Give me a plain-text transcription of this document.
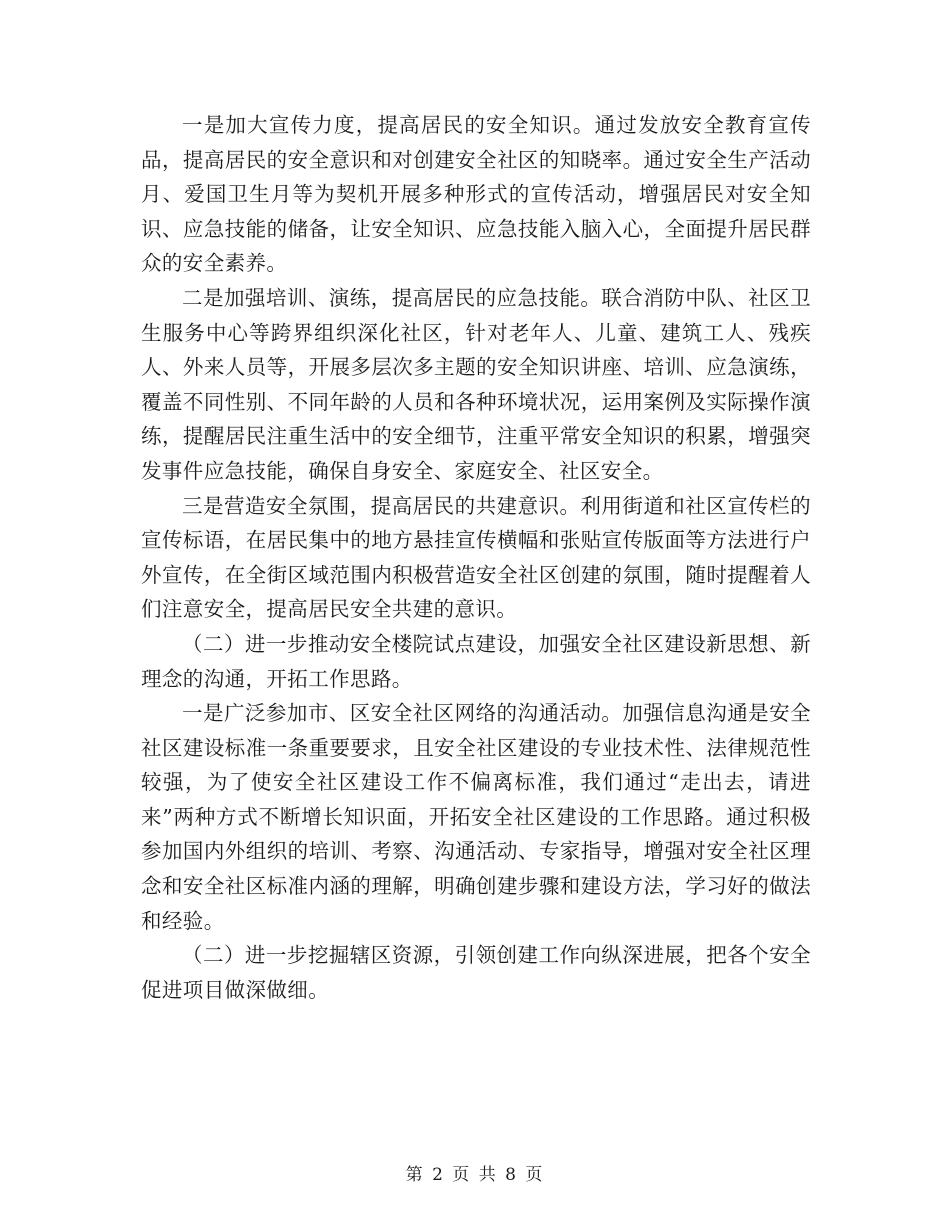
一是加大宣传力度，提高居民的安全知识。通过发放安全教育宣传品，提高居民的安全意识和对创建安全社区的知晓率。通过安全生产活动月、爱国卫生月等为契机开展多种形式的宣传活动，增强居民对安全知识、应急技能的储备，让安全知识、应急技能入脑入心，全面提升居民群众的安全素养。

二是加强培训、演练，提高居民的应急技能。联合消防中队、社区卫生服务中心等跨界组织深化社区，针对老年人、儿童、建筑工人、残疾人、外来人员等，开展多层次多主题的安全知识讲座、培训、应急演练，覆盖不同性别、不同年龄的人员和各种环境状况，运用案例及实际操作演练，提醒居民注重生活中的安全细节，注重平常安全知识的积累，增强突发事件应急技能，确保自身安全、家庭安全、社区安全。

三是营造安全氛围，提高居民的共建意识。利用街道和社区宣传栏的宣传标语，在居民集中的地方悬挂宣传横幅和张贴宣传版面等方法进行户外宣传，在全街区域范围内积极营造安全社区创建的氛围，随时提醒着人们注意安全，提高居民安全共建的意识。

（二）进一步推动安全楼院试点建设，加强安全社区建设新思想、新理念的沟通，开拓工作思路。

一是广泛参加市、区安全社区网络的沟通活动。加强信息沟通是安全社区建设标准一条重要要求，且安全社区建设的专业技术性、法律规范性较强，为了使安全社区建设工作不偏离标准，我们通过“走出去，请进来”两种方式不断增长知识面，开拓安全社区建设的工作思路。通过积极参加国内外组织的培训、考察、沟通活动、专家指导，增强对安全社区理念和安全社区标准内涵的理解，明确创建步骤和建设方法，学习好的做法和经验。

（二）进一步挖掘辖区资源，引领创建工作向纵深进展，把各个安全促进项目做深做细。

第 2 页 共 8 页
